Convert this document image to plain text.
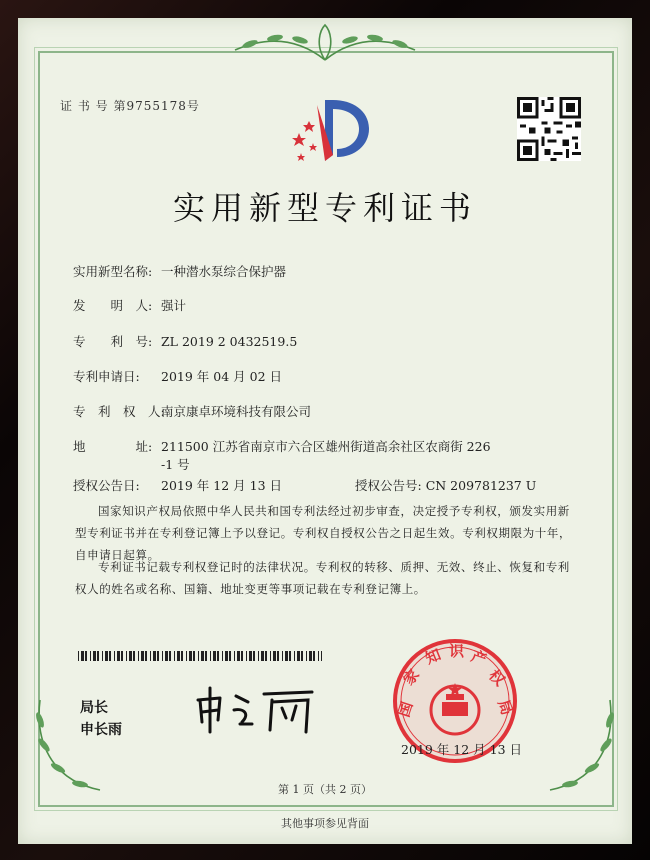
证 书 号 第9755178号
实用新型专利证书
实用新型名称: 一种潜水泵综合保护器
发　　明　人: 强计
专　　利　号: ZL 2019 2 0432519.5
专利申请日: 2019 年 04 月 02 日
专　利　权　人:南京康卓环境科技有限公司
地　　　　址: 211500 江苏省南京市六合区雄州街道高余社区农商街 226
-1 号
授权公告日: 2019 年 12 月 13 日	授权公告号: CN 209781237 U
国家知识产权局依照中华人民共和国专利法经过初步审查，决定授予专利权，颁发实用新型专利证书并在专利登记簿上予以登记。专利权自授权公告之日起生效。专利权期限为十年，自申请日起算。
专利证书记载专利权登记时的法律状况。专利权的转移、质押、无效、终止、恢复和专利权人的姓名或名称、国籍、地址变更等事项记载在专利登记簿上。
局长
申长雨
国
家
知 识 产
权
局
2019 年 12 月 13 日
第 1 页（共 2 页）
其他事项参见背面
